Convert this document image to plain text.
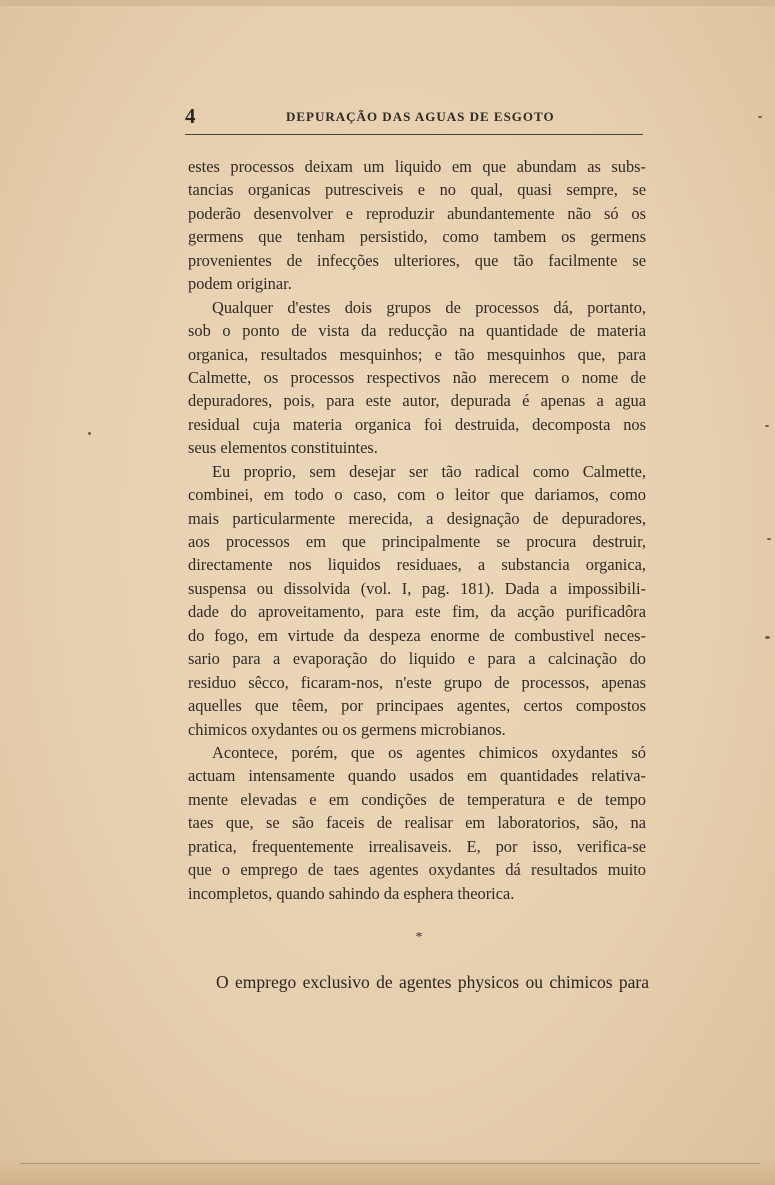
4	DEPURAÇÃO DAS AGUAS DE ESGOTO
estes processos deixam um liquido em que abundam as subs-
tancias organicas putresciveis e no qual, quasi sempre, se
poderão desenvolver e reproduzir abundantemente não só os
germens que tenham persistido, como tambem os germens
provenientes de infecções ulteriores, que tão facilmente se
podem originar.
Qualquer d'estes dois grupos de processos dá, portanto,
sob o ponto de vista da reducção na quantidade de materia
organica, resultados mesquinhos; e tão mesquinhos que, para
Calmette, os processos respectivos não merecem o nome de
depuradores, pois, para este autor, depurada é apenas a agua
residual cuja materia organica foi destruida, decomposta nos
seus elementos constituintes.
Eu proprio, sem desejar ser tão radical como Calmette,
combinei, em todo o caso, com o leitor que dariamos, como
mais particularmente merecida, a designação de depuradores,
aos processos em que principalmente se procura destruir,
directamente nos liquidos residuaes, a substancia organica,
suspensa ou dissolvida (vol. I, pag. 181). Dada a impossibili-
dade do aproveitamento, para este fim, da acção purificadôra
do fogo, em virtude da despeza enorme de combustivel neces-
sario para a evaporação do liquido e para a calcinação do
residuo sêcco, ficaram-nos, n'este grupo de processos, apenas
aquelles que têem, por principaes agentes, certos compostos
chimicos oxydantes ou os germens microbianos.
Acontece, porém, que os agentes chimicos oxydantes só
actuam intensamente quando usados em quantidades relativa-
mente elevadas e em condições de temperatura e de tempo
taes que, se são faceis de realisar em laboratorios, são, na
pratica, frequentemente irrealisaveis. E, por isso, verifica-se
que o emprego de taes agentes oxydantes dá resultados muito
incompletos, quando sahindo da esphera theorica.
*
O emprego exclusivo de agentes physicos ou chimicos para
